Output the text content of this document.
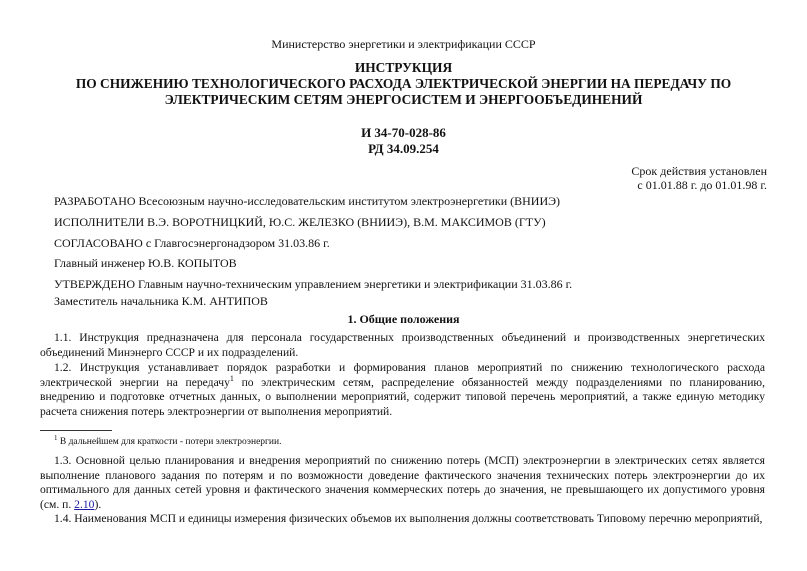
Министерство энергетики и электрификации СССР
ИНСТРУКЦИЯ
ПО СНИЖЕНИЮ ТЕХНОЛОГИЧЕСКОГО РАСХОДА ЭЛЕКТРИЧЕСКОЙ ЭНЕРГИИ НА ПЕРЕДАЧУ ПО
ЭЛЕКТРИЧЕСКИМ СЕТЯМ ЭНЕРГОСИСТЕМ И ЭНЕРГООБЪЕДИНЕНИЙ
И 34-70-028-86
РД 34.09.254
Срок действия установлен
с 01.01.88 г. до 01.01.98 г.
РАЗРАБОТАНО Всесоюзным научно-исследовательским институтом электроэнергетики (ВНИИЭ)
ИСПОЛНИТЕЛИ В.Э. ВОРОТНИЦКИЙ, Ю.С. ЖЕЛЕЗКО (ВНИИЭ), В.М. МАКСИМОВ (ГТУ)
СОГЛАСОВАНО с Главгосэнергонадзором 31.03.86 г.
Главный инженер Ю.В. КОПЫТОВ
УТВЕРЖДЕНО Главным научно-техническим управлением энергетики и электрификации 31.03.86 г.
Заместитель начальника К.М. АНТИПОВ
1. Общие положения
1.1. Инструкция предназначена для персонала государственных производственных объединений и производственных энергетических объединений Минэнерго СССР и их подразделений.
1.2. Инструкция устанавливает порядок разработки и формирования планов мероприятий по снижению технологического расхода электрической энергии на передачу$^1$ по электрическим сетям, распределение обязанностей между подразделениями по планированию, внедрению и подготовке отчетных данных, о выполнении мероприятий, содержит типовой перечень мероприятий, а также единую методику расчета снижения потерь электроэнергии от выполнения мероприятий.
$^1$ В дальнейшем для краткости - потери электроэнергии.
1.3. Основной целью планирования и внедрения мероприятий по снижению потерь (МСП) электроэнергии в электрических сетях является выполнение планового задания по потерям и по возможности доведение фактического значения технических потерь электроэнергии до их оптимального для данных сетей уровня и фактического значения коммерческих потерь до значения, не превышающего их допустимого уровня (см. п. 2.10).
1.4. Наименования МСП и единицы измерения физических объемов их выполнения должны соответствовать Типовому перечню мероприятий,
